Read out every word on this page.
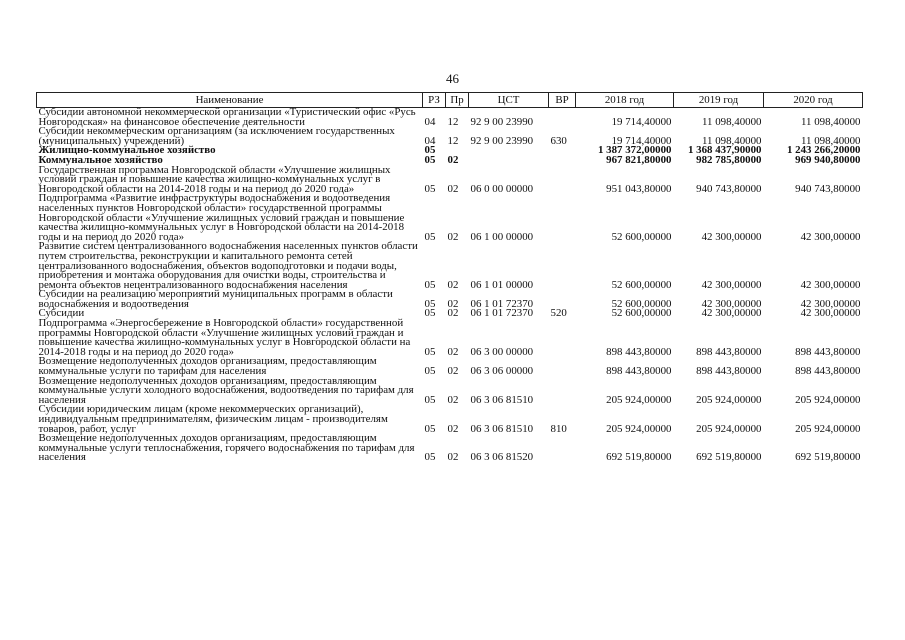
46
Наименование	РЗ	Пр	ЦСТ	ВР	2018 год	2019 год	2020 год
Субсидии автономной некоммерческой организации «Туристический офис «Русь Новгородская» на финансовое обеспечение деятельности	04	12	92 9 00 23990		19 714,40000	11 098,40000	11 098,40000
Субсидии некоммерческим организациям (за исключением государственных (муниципальных) учреждений)	04	12	92 9 00 23990	630	19 714,40000	11 098,40000	11 098,40000
Жилищно-коммунальное хозяйство	05				1 387 372,00000	1 368 437,90000	1 243 266,20000
Коммунальное хозяйство	05	02			967 821,80000	982 785,80000	969 940,80000
Государственная программа Новгородской области «Улучшение жилищных условий граждан и повышение качества жилищно-коммунальных услуг в Новгородской области на 2014-2018 годы и на период до 2020 года»	05	02	06 0 00 00000		951 043,80000	940 743,80000	940 743,80000
Подпрограмма «Развитие инфраструктуры водоснабжения и водоотведения населенных пунктов Новгородской области» государственной программы Новгородской области «Улучшение жилищных условий граждан и повышение качества жилищно-коммунальных услуг в Новгородской области на 2014-2018 годы и на период до 2020 года»	05	02	06 1 00 00000		52 600,00000	42 300,00000	42 300,00000
Развитие систем централизованного водоснабжения населенных пунктов области путем строительства, реконструкции и капитального ремонта сетей централизованного водоснабжения, объектов водоподготовки и подачи воды, приобретения и монтажа оборудования для очистки воды, строительства и ремонта объектов нецентрализованного водоснабжения населения	05	02	06 1 01 00000		52 600,00000	42 300,00000	42 300,00000
Субсидии на реализацию мероприятий муниципальных программ в области водоснабжения и водоотведения	05	02	06 1 01 72370		52 600,00000	42 300,00000	42 300,00000
Субсидии	05	02	06 1 01 72370	520	52 600,00000	42 300,00000	42 300,00000
Подпрограмма «Энергосбережение в Новгородской области» государственной программы Новгородской области «Улучшение жилищных условий граждан и повышение качества жилищно-коммунальных услуг в Новгородской области на 2014-2018 годы и на период до 2020 года»	05	02	06 3 00 00000		898 443,80000	898 443,80000	898 443,80000
Возмещение недополученных доходов организациям, предоставляющим коммунальные услуги по тарифам для населения	05	02	06 3 06 00000		898 443,80000	898 443,80000	898 443,80000
Возмещение недополученных доходов организациям, предоставляющим коммунальные услуги холодного водоснабжения, водоотведения по тарифам для населения	05	02	06 3 06 81510		205 924,00000	205 924,00000	205 924,00000
Субсидии юридическим лицам (кроме некоммерческих организаций), индивидуальным предпринимателям, физическим лицам - производителям товаров, работ, услуг	05	02	06 3 06 81510	810	205 924,00000	205 924,00000	205 924,00000
Возмещение недополученных доходов организациям, предоставляющим коммунальные услуги теплоснабжения, горячего водоснабжения по тарифам для населения	05	02	06 3 06 81520		692 519,80000	692 519,80000	692 519,80000
